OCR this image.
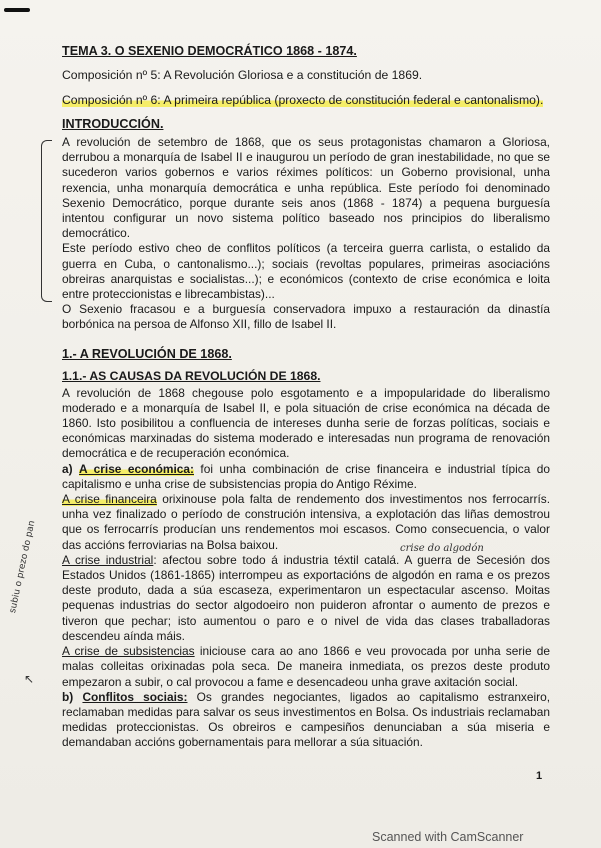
subiu o prezo do pan
↖
crise do algodón
TEMA 3. O SEXENIO DEMOCRÁTICO 1868 - 1874.

Composición nº 5: A Revolución Gloriosa e a constitución de 1869.

Composición nº 6: A primeira república (proxecto de constitución federal e cantonalismo).

INTRODUCCIÓN.

A revolución de setembro de 1868, que os seus protagonistas chamaron a Gloriosa, derrubou a monarquía de Isabel II e inaugurou un período de gran inestabilidade, no que se sucederon varios gobernos e varios réximes políticos: un Goberno provisional, unha rexencia, unha monarquía democrática e unha república. Este período foi denominado Sexenio Democrático, porque durante seis anos (1868 - 1874) a pequena burguesía intentou configurar un novo sistema político baseado nos principios do liberalismo democrático.

Este período estivo cheo de conflitos políticos (a terceira guerra carlista, o estalido da guerra en Cuba, o cantonalismo...); sociais (revoltas populares, primeiras asociacións obreiras anarquistas e socialistas...); e económicos (contexto de crise económica e loita entre proteccionistas e librecambistas)...

O Sexenio fracasou e a burguesía conservadora impuxo a restauración da dinastía borbónica na persoa de Alfonso XII, fillo de Isabel II.

1.- A REVOLUCIÓN DE 1868.
1.1.- AS CAUSAS DA REVOLUCIÓN DE 1868.

A revolución de 1868 chegouse polo esgotamento e a impopularidade do liberalismo moderado e a monarquía de Isabel II, e pola situación de crise económica na década de 1860. Isto posibilitou a confluencia de intereses dunha serie de forzas políticas, sociais e económicas marxinadas do sistema moderado e interesadas nun programa de renovación democrática e de recuperación económica.

a) A crise económica: foi unha combinación de crise financeira e industrial típica do capitalismo e unha crise de subsistencias propia do Antigo Réxime.

A crise financeira orixinouse pola falta de rendemento dos investimentos nos ferrocarrís. unha vez finalizado o período de construción intensiva, a explotación das liñas demostrou que os ferrocarrís producían uns rendementos moi escasos. Como consecuencia, o valor das accións ferroviarias na Bolsa baixou.

A crise industrial: afectou sobre todo á industria téxtil catalá. A guerra de Secesión dos Estados Unidos (1861-1865) interrompeu as exportacións de algodón en rama e os prezos deste produto, dada a súa escaseza, experimentaron un espectacular ascenso. Moitas pequenas industrias do sector algodoeiro non puideron afrontar o aumento de prezos e tiveron que pechar; isto aumentou o paro e o nivel de vida das clases traballadoras descendeu aínda máis.

A crise de subsistencias iniciouse cara ao ano 1866 e veu provocada por unha serie de malas colleitas orixinadas pola seca. De maneira inmediata, os prezos deste produto empezaron a subir, o cal provocou a fame e desencadeou unha grave axitación social.

b) Conflitos sociais: Os grandes negociantes, ligados ao capitalismo estranxeiro, reclamaban medidas para salvar os seus investimentos en Bolsa. Os industriais reclamaban medidas proteccionistas. Os obreiros e campesiños denunciaban a súa miseria e demandaban accións gobernamentais para mellorar a súa situación.

1
Scanned with CamScanner
